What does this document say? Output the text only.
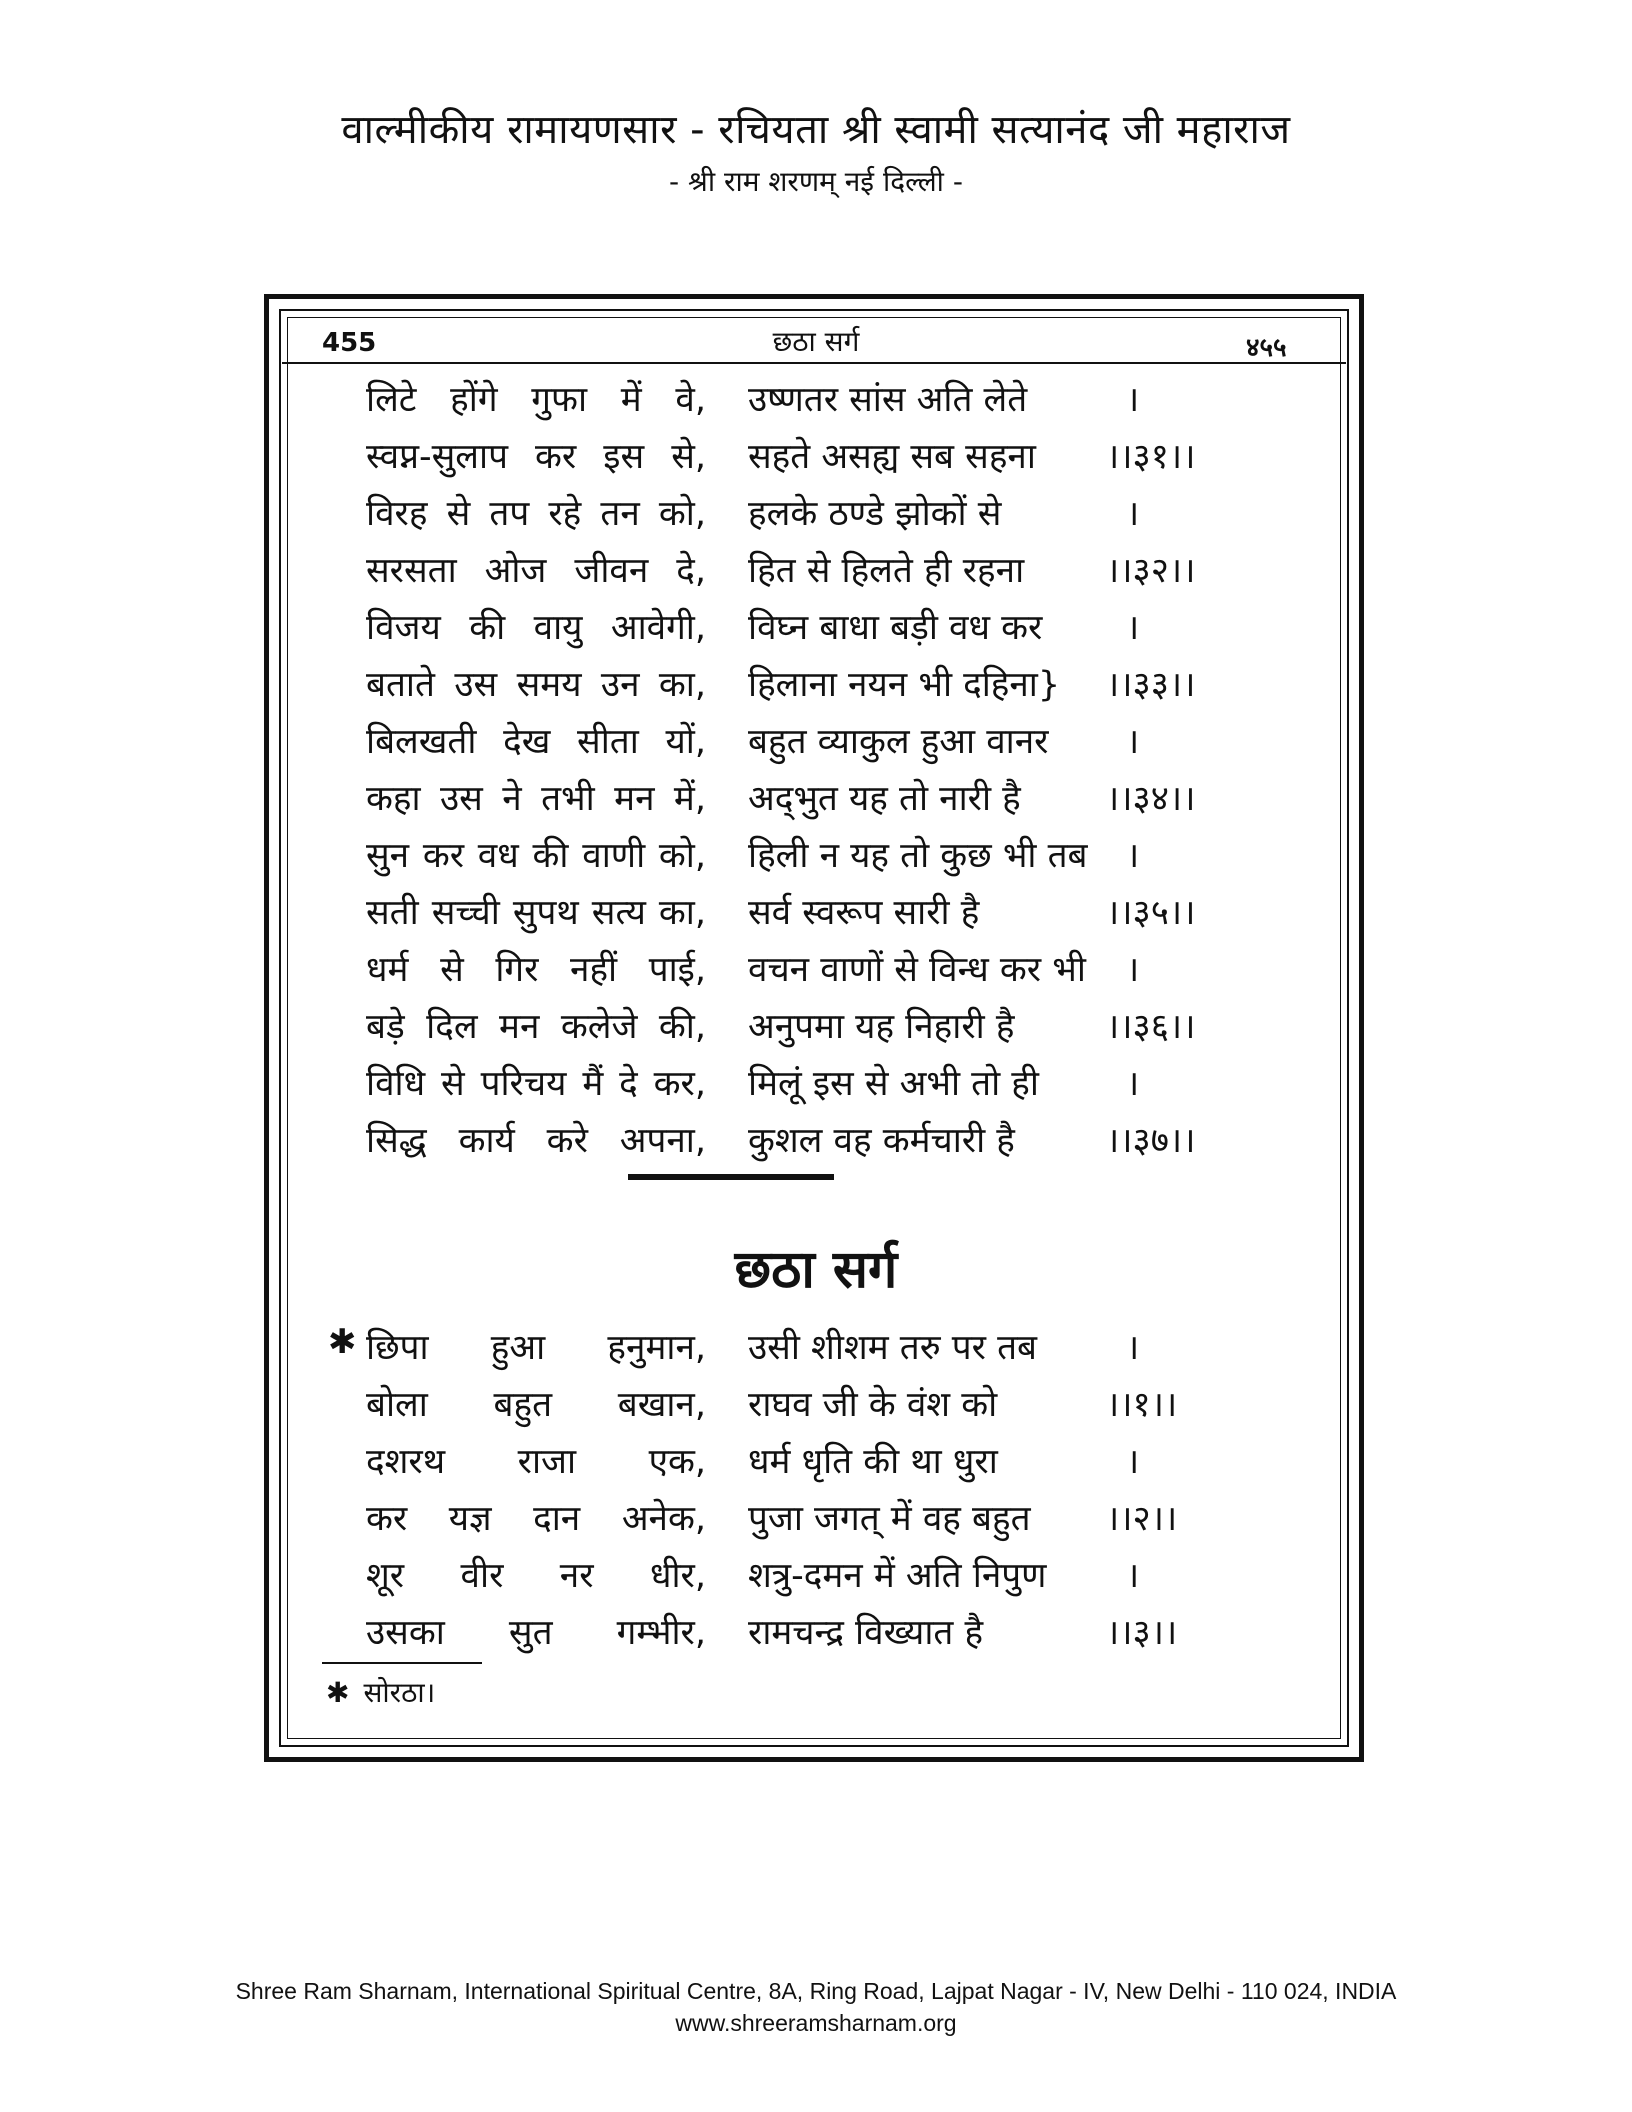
वाल्मीकीय रामायणसार - रचियता श्री स्वामी सत्यानंद जी महाराज
- श्री राम शरणम् नई दिल्ली -
455	छठा सर्ग	४५५
लिटे होंगे गुफा में वे, उष्णतर सांस अति लेते	।
स्वप्न-सुलाप कर इस से, सहते असह्य सब सहना	।।३१।।
विरह से तप रहे तन को, हलके ठण्डे झोकों से	।
सरसता ओज जीवन दे, हित से हिलते ही रहना	।।३२।।
विजय की वायु आवेगी, विघ्न बाधा बड़ी वध कर	।
बताते उस समय उन का, हिलाना नयन भी दहिना}	।।३३।।
बिलखती देख सीता यों, बहुत व्याकुल हुआ वानर	।
कहा उस ने तभी मन में, अद्‌भुत यह तो नारी है	।।३४।।
सुन कर वध की वाणी को, हिली न यह तो कुछ भी तब	।
सती सच्ची सुपथ सत्य का, सर्व स्वरूप सारी है	।।३५।।
धर्म से गिर नहीं पाई, वचन वाणों से विन्ध कर भी	।
बड़े दिल मन कलेजे की, अनुपमा यह निहारी है	।।३६।।
विधि से परिचय मैं दे कर, मिलूं इस से अभी तो ही	।
सिद्ध कार्य करे अपना, कुशल वह कर्मचारी है	।।३७।।
छठा सर्ग
✱ छिपा हुआ हनुमान, उसी शीशम तरु पर तब	।
बोला बहुत बखान, राघव जी के वंश को	।।१।।
दशरथ राजा एक, धर्म धृति की था धुरा	।
कर यज्ञ दान अनेक, पुजा जगत् में वह बहुत	।।२।।
शूर वीर नर धीर, शत्रु-दमन में अति निपुण	।
उसका सुत गम्भीर, रामचन्द्र विख्यात है	।।३।।
✱ सोरठा।
Shree Ram Sharnam, International Spiritual Centre, 8A, Ring Road, Lajpat Nagar - IV, New Delhi - 110 024, INDIA
www.shreeramsharnam.org
